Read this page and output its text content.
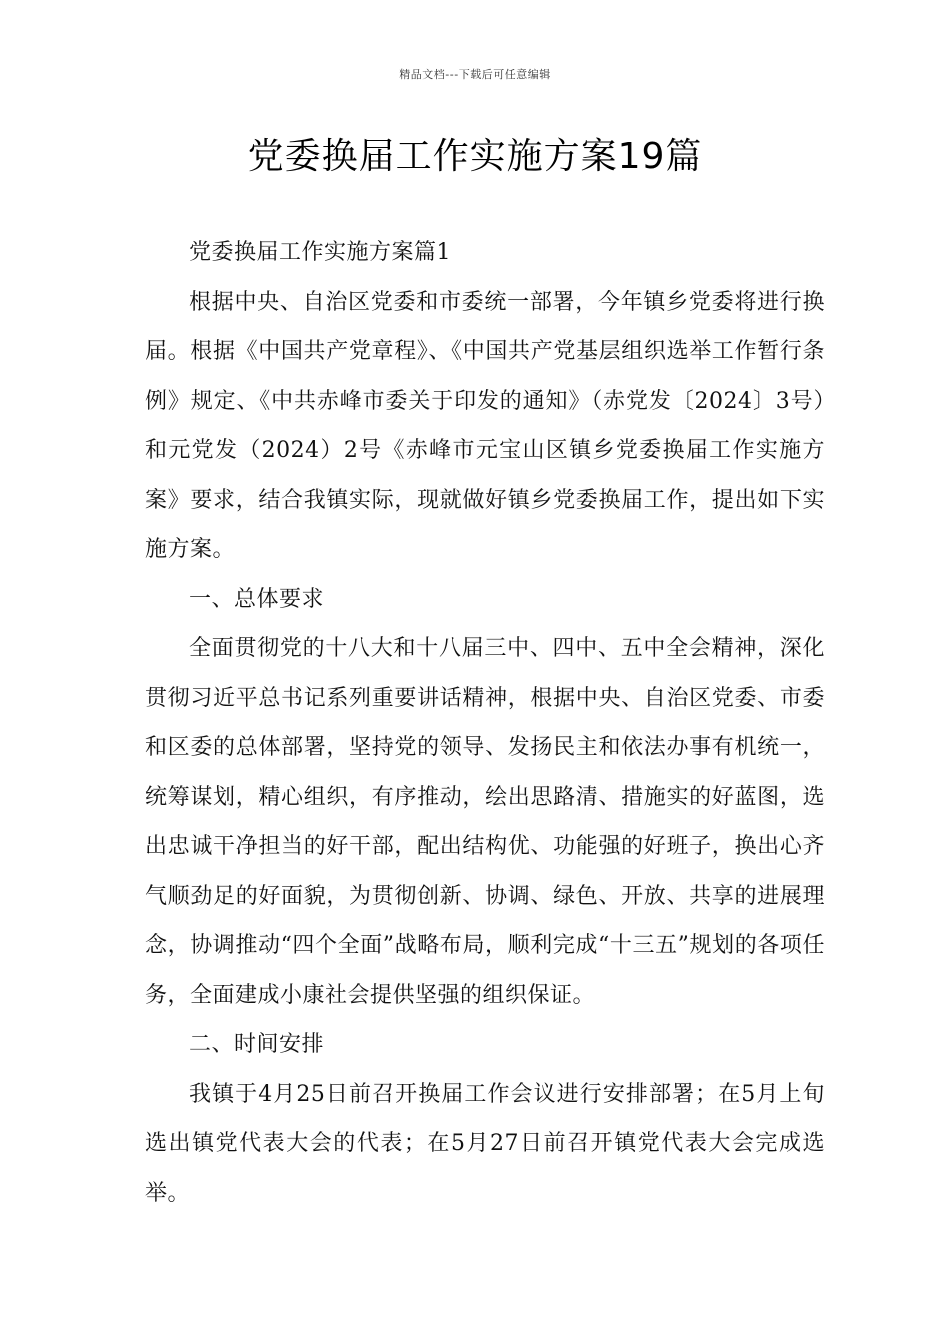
精品文档---下载后可任意编辑
党委换届工作实施方案19篇

党委换届工作实施方案篇1

根据中央、自治区党委和市委统一部署，今年镇乡党委将进行换届。根据《中国共产党章程》、《中国共产党基层组织选举工作暂行条例》规定、《中共赤峰市委关于印发的通知》（赤党发〔2024〕3号）和元党发（2024）2号《赤峰市元宝山区镇乡党委换届工作实施方案》要求，结合我镇实际，现就做好镇乡党委换届工作，提出如下实施方案。

一、总体要求

全面贯彻党的十八大和十八届三中、四中、五中全会精神，深化贯彻习近平总书记系列重要讲话精神，根据中央、自治区党委、市委和区委的总体部署，坚持党的领导、发扬民主和依法办事有机统一，统筹谋划，精心组织，有序推动，绘出思路清、措施实的好蓝图，选出忠诚干净担当的好干部，配出结构优、功能强的好班子，换出心齐气顺劲足的好面貌，为贯彻创新、协调、绿色、开放、共享的进展理念，协调推动“四个全面”战略布局，顺利完成“十三五”规划的各项任务，全面建成小康社会提供坚强的组织保证。

二、时间安排

我镇于4月25日前召开换届工作会议进行安排部署；在5月上旬选出镇党代表大会的代表；在5月27日前召开镇党代表大会完成选举。
